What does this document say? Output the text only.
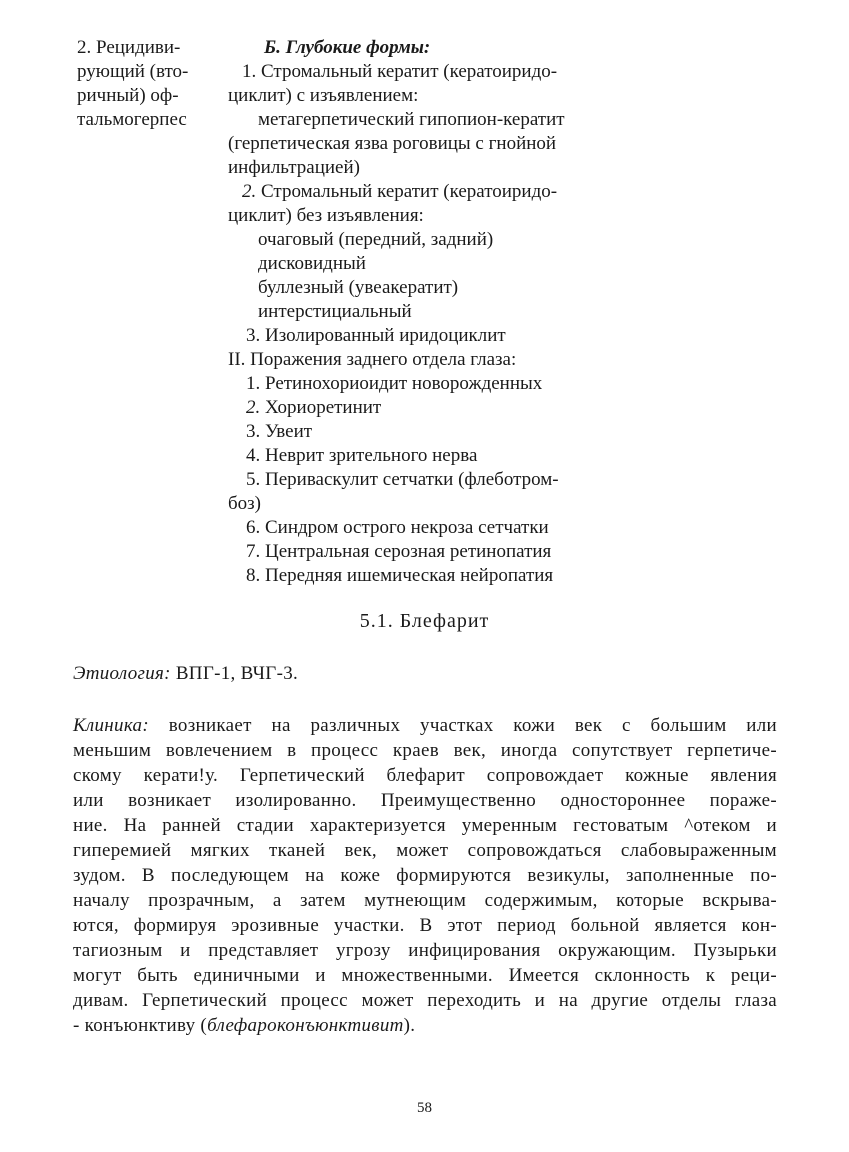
2. Рецидиви-
рующий (вто-
ричный) оф-
тальмогерпес
Б. Глубокие формы:
1. Стромальный кератит (кератоиридо-
циклит) с изъявлением:
метагерпетический гипопион-кератит
(герпетическая язва роговицы с гнойной
инфильтрацией)
2. Стромальный кератит (кератоиридо-
циклит) без изъявления:
очаговый (передний, задний)
дисковидный
буллезный (увеакератит)
интерстициальный
3. Изолированный иридоциклит
II. Поражения заднего отдела глаза:
1. Ретинохориоидит новорожденных
2. Хориоретинит
3. Увеит
4. Неврит зрительного нерва
5. Периваскулит сетчатки (флеботром-
боз)
6. Синдром острого некроза сетчатки
7. Центральная серозная ретинопатия
8. Передняя ишемическая нейропатия
5.1. Блефарит
Этиология: ВПГ-1, ВЧГ-3.
Клиника: возникает на различных участках кожи век с большим или
меньшим вовлечением в процесс краев век, иногда сопутствует герпетиче-
скому керати!у. Герпетический блефарит сопровождает кожные явления
или возникает изолированно. Преимущественно одностороннее пораже-
ние. На ранней стадии характеризуется умеренным гестоватым ^отеком и
гиперемией мягких тканей век, может сопровождаться слабовыраженным
зудом. В последующем на коже формируются везикулы, заполненные по-
началу прозрачным, а затем мутнеющим содержимым, которые вскрыва-
ются, формируя эрозивные участки. В этот период больной является кон-
тагиозным и представляет угрозу инфицирования окружающим. Пузырьки
могут быть единичными и множественными. Имеется склонность к реци-
дивам. Герпетический процесс может переходить и на другие отделы глаза
- конъюнктиву (блефароконъюнктивит).
58
